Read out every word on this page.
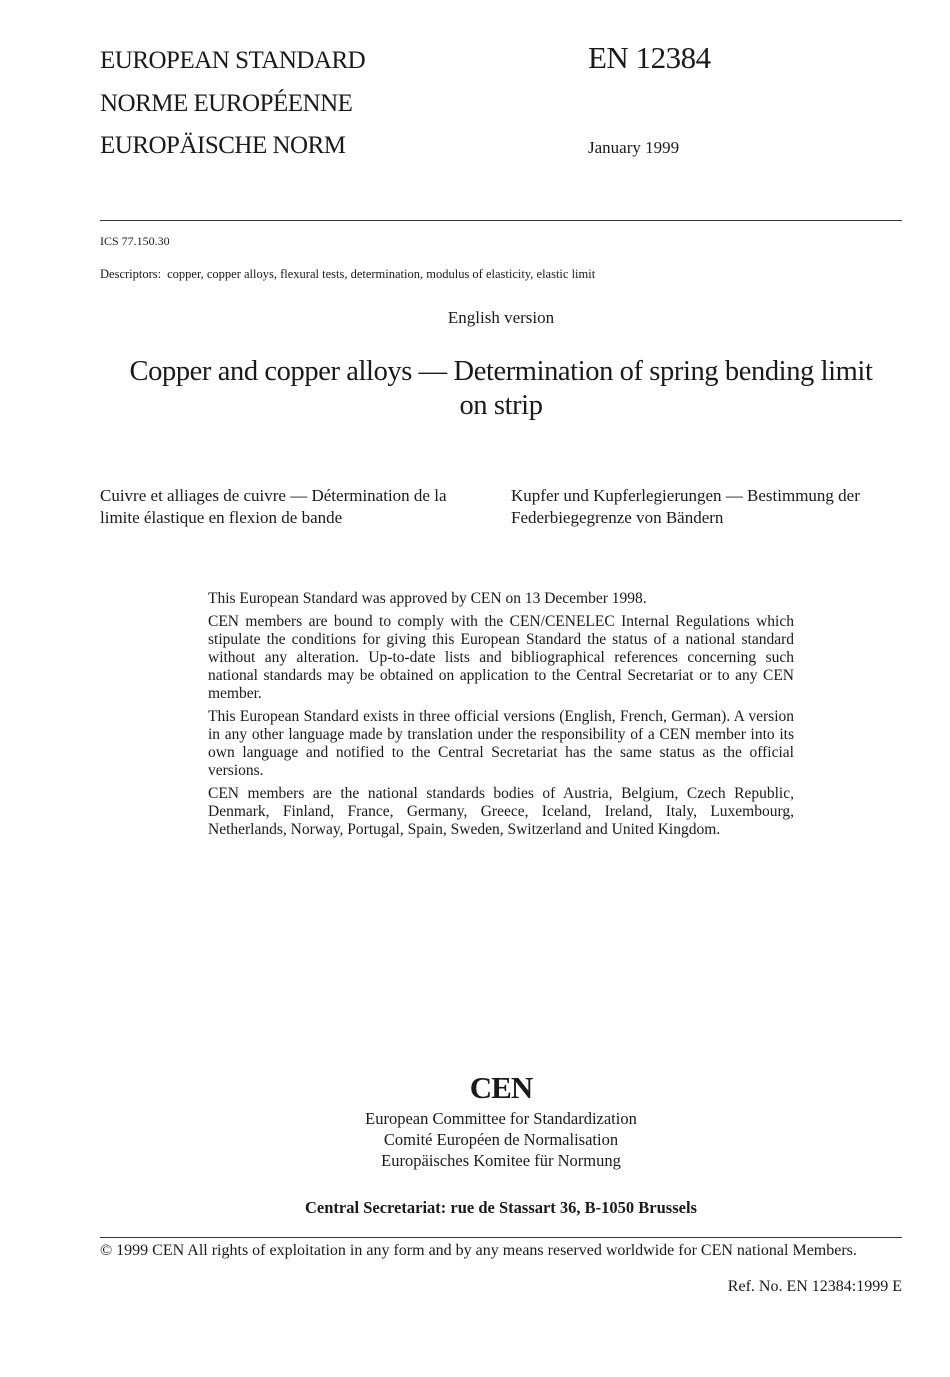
EUROPEAN STANDARD
NORME EUROPÉENNE
EUROPÄISCHE NORM
EN 12384
January 1999
ICS 77.150.30
Descriptors: copper, copper alloys, flexural tests, determination, modulus of elasticity, elastic limit
English version
Copper and copper alloys — Determination of spring bending limit
on strip
Cuivre et alliages de cuivre — Détermination de la limite élastique en flexion de bande
Kupfer und Kupferlegierungen — Bestimmung der Federbiegegrenze von Bändern

This European Standard was approved by CEN on 13 December 1998.

CEN members are bound to comply with the CEN/CENELEC Internal Regulations which stipulate the conditions for giving this European Standard the status of a national standard without any alteration. Up-to-date lists and bibliographical references concerning such national standards may be obtained on application to the Central Secretariat or to any CEN member.

This European Standard exists in three official versions (English, French, German). A version in any other language made by translation under the responsibility of a CEN member into its own language and notified to the Central Secretariat has the same status as the official versions.

CEN members are the national standards bodies of Austria, Belgium, Czech Republic, Denmark, Finland, France, Germany, Greece, Iceland, Ireland, Italy, Luxembourg, Netherlands, Norway, Portugal, Spain, Sweden, Switzerland and United Kingdom.

CEN
European Committee for Standardization
Comité Européen de Normalisation
Europäisches Komitee für Normung
Central Secretariat: rue de Stassart 36, B-1050 Brussels
© 1999 CEN All rights of exploitation in any form and by any means reserved worldwide for CEN national Members.
Ref. No. EN 12384:1999 E
